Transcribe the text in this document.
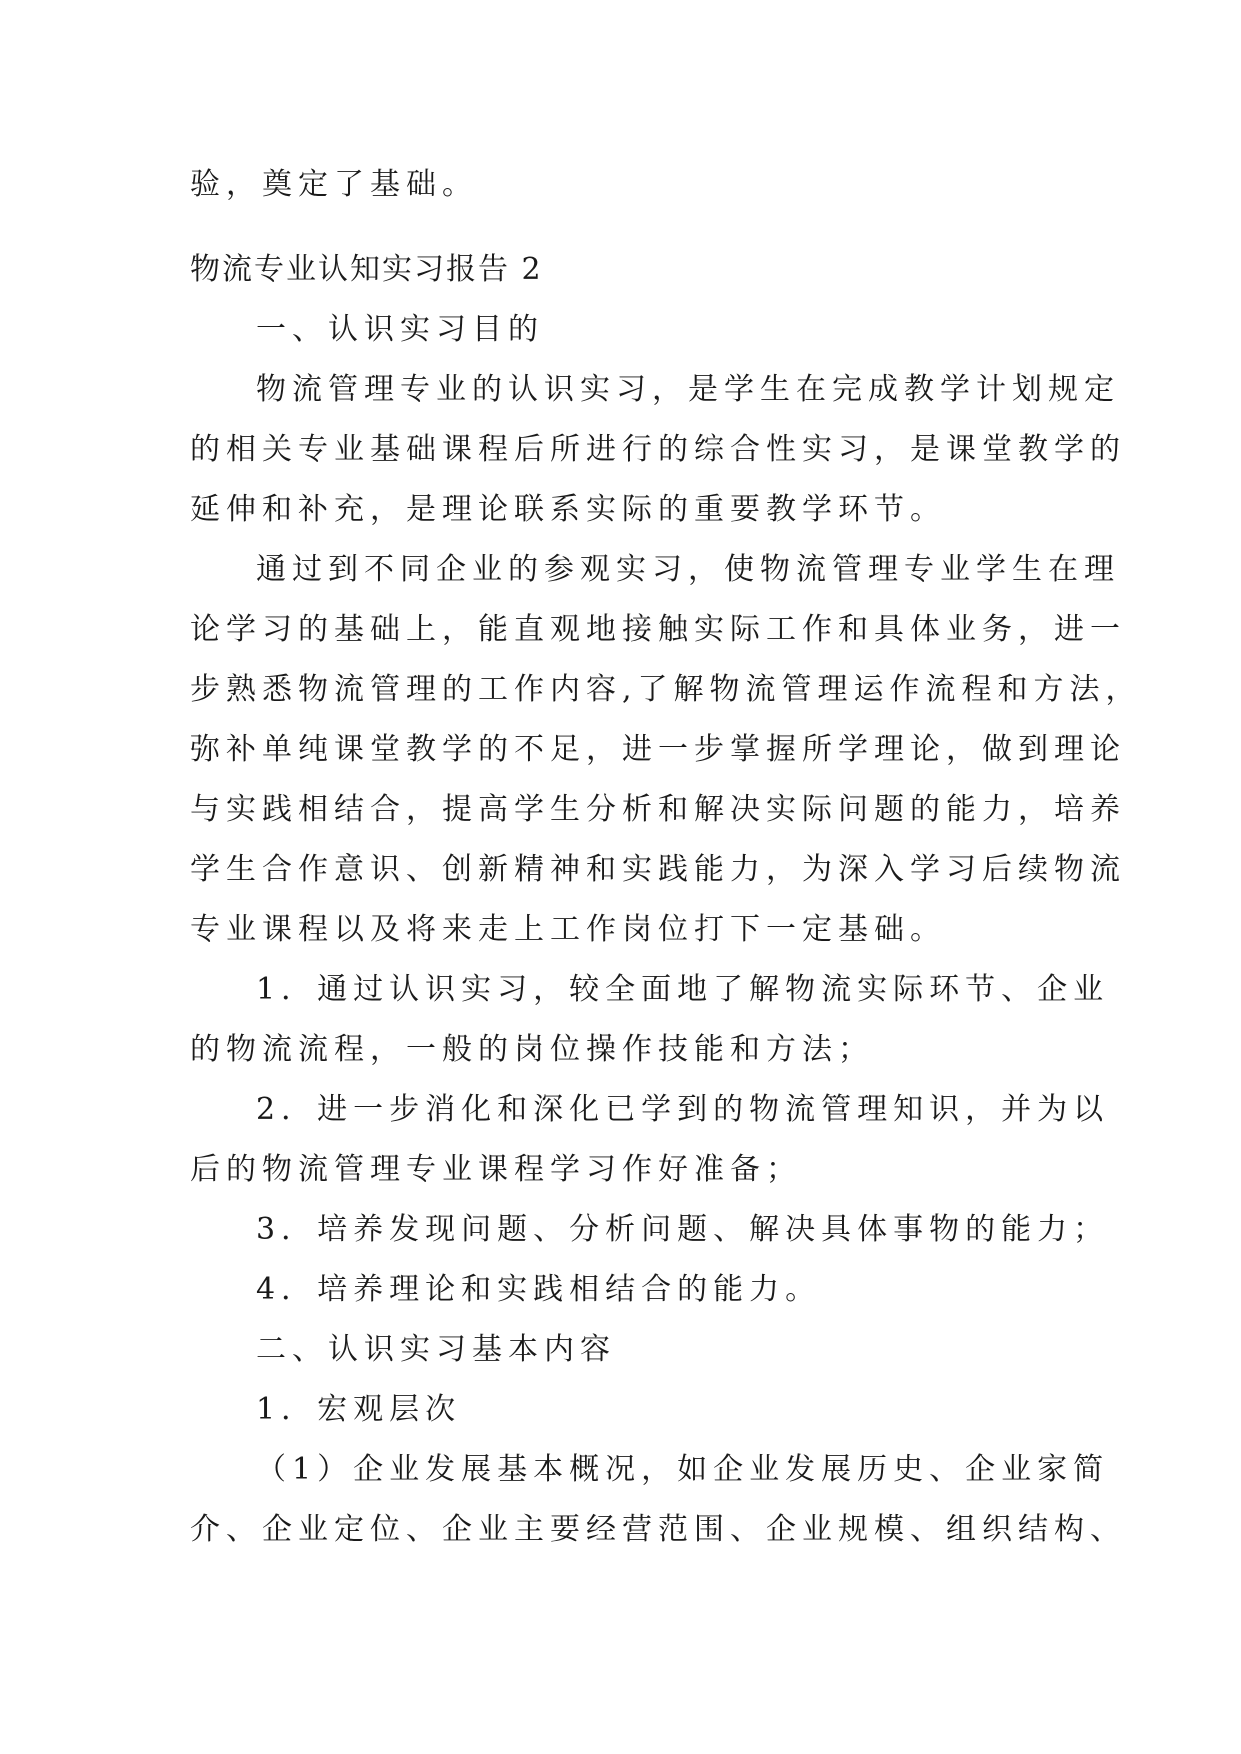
验，奠定了基础。
物流专业认知实习报告 2
一、认识实习目的
物流管理专业的认识实习，是学生在完成教学计划规定
的相关专业基础课程后所进行的综合性实习，是课堂教学的
延伸和补充，是理论联系实际的重要教学环节。
通过到不同企业的参观实习，使物流管理专业学生在理
论学习的基础上，能直观地接触实际工作和具体业务，进一
步熟悉物流管理的工作内容,了解物流管理运作流程和方法，
弥补单纯课堂教学的不足，进一步掌握所学理论，做到理论
与实践相结合，提高学生分析和解决实际问题的能力，培养
学生合作意识、创新精神和实践能力，为深入学习后续物流
专业课程以及将来走上工作岗位打下一定基础。
1．通过认识实习，较全面地了解物流实际环节、企业
的物流流程，一般的岗位操作技能和方法；
2．进一步消化和深化已学到的物流管理知识，并为以
后的物流管理专业课程学习作好准备；
3．培养发现问题、分析问题、解决具体事物的能力；
4．培养理论和实践相结合的能力。
二、认识实习基本内容
1．宏观层次
（1）企业发展基本概况，如企业发展历史、企业家简
介、企业定位、企业主要经营范围、企业规模、组织结构、
